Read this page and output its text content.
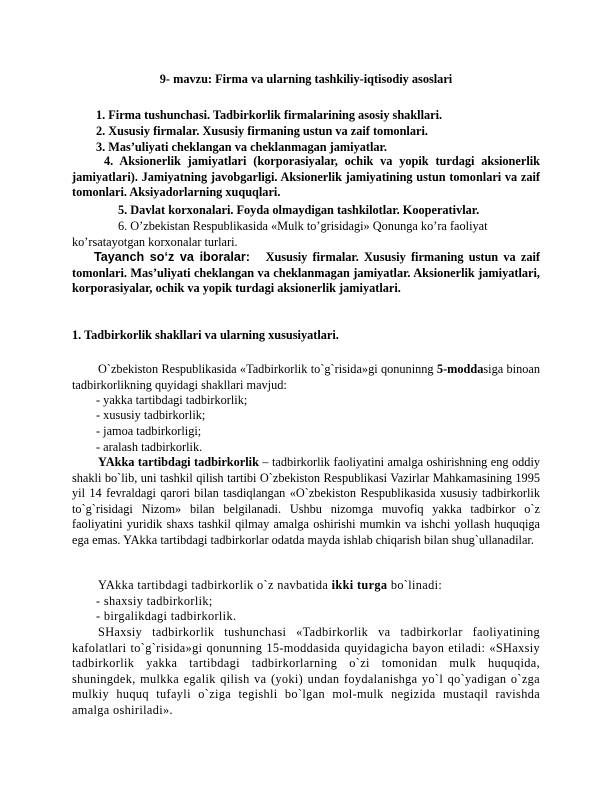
9- mavzu: Firma va ularning tashkiliy-iqtisodiy asoslari
1. Firma tushunchasi. Tadbirkorlik firmalarining asosiy shakllari.
2. Xususiy firmalar. Xususiy firmaning ustun va zaif tomonlari.
3. Mas’uliyati cheklangan va cheklanmagan jamiyatlar.

4. Aksionerlik jamiyatlari (korporasiyalar, ochik va yopik turdagi aksionerlik jamiyatlari). Jamiyatning javobgarligi. Aksionerlik jamiyatining ustun tomonlari va zaif tomonlari. Aksiyadorlarning xuquqlari.

5. Davlat korxonalari. Foyda olmaydigan tashkilotlar. Kooperativlar.

6. O’zbekistan Respublikasida «Mulk to’grisidagi» Qonunga ko’ra faoliyat ko’rsatayotgan korxonalar turlari.

Tayanch so‘z va iboralar: Xususiy firmalar. Xususiy firmaning ustun va zaif tomonlari. Mas’uliyati cheklangan va cheklanmagan jamiyatlar. Aksionerlik jamiyatlari, korporasiyalar, ochik va yopik turdagi aksionerlik jamiyatlari.

1. Tadbirkorlik shakllari va ularning xususiyatlari.

O`zbekiston Respublikasida «Tadbirkorlik to`g`risida»gi qonuninng 5-moddasiga binoan tadbirkorlikning quyidagi shakllari mavjud:

- yakka tartibdagi tadbirkorlik;
- xususiy tadbirkorlik;
- jamoa tadbirkorligi;
- aralash tadbirkorlik.

YAkka tartibdagi tadbirkorlik – tadbirkorlik faoliyatini amalga oshirishning eng oddiy shakli bo`lib, uni tashkil qilish tartibi O`zbekiston Respublikasi Vazirlar Mahkamasining 1995 yil 14 fevraldagi qarori bilan tasdiqlangan «O`zbekiston Respublikasida xususiy tadbirkorlik to`g`risidagi Nizom» bilan belgilanadi. Ushbu nizomga muvofiq yakka tadbirkor o`z faoliyatini yuridik shaxs tashkil qilmay amalga oshirishi mumkin va ishchi yollash huquqiga ega emas. YAkka tartibdagi tadbirkorlar odatda mayda ishlab chiqarish bilan shug`ullanadilar.

YAkka tartibdagi tadbirkorlik o`z navbatida ikki turga bo`linadi:

- shaxsiy tadbirkorlik;
- birgalikdagi tadbirkorlik.

SHaxsiy tadbirkorlik tushunchasi «Tadbirkorlik va tadbirkorlar faoliyatining kafolatlari to`g`risida»gi qonunning 15-moddasida quyidagicha bayon etiladi: «SHaxsiy tadbirkorlik yakka tartibdagi tadbirkorlarning o`zi tomonidan mulk huquqida, shuningdek, mulkka egalik qilish va (yoki) undan foydalanishga yo`l qo`yadigan o`zga mulkiy huquq tufayli o`ziga tegishli bo`lgan mol-mulk negizida mustaqil ravishda amalga oshiriladi».
